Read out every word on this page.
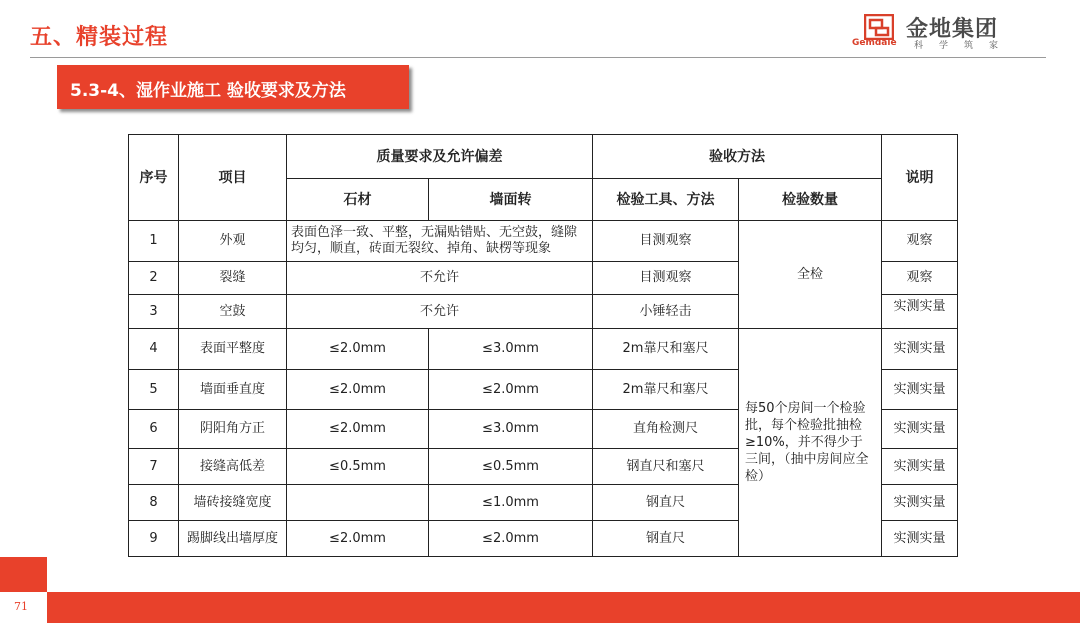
五、精装过程	金地集团
Gemdale 科学筑家
5.3-4、湿作业施工 验收要求及方法
序号	项目	质量要求及允许偏差		验收方法		说明
		石材	墙面转	检验工具、方法	检验数量	
1	外观	表面色泽一致、平整，无漏贴错贴、无空鼓，缝隙均匀，顺直，砖面无裂纹、掉角、缺楞等现象		目测观察	全检	观察
2	裂缝	不允许		目测观察		观察
3	空鼓	不允许		小锤轻击		实测实量
4	表面平整度	≤2.0mm	≤3.0mm	2m靠尺和塞尺	每50个房间一个检验批，每个检验批抽检≥10%，并不得少于三间，（抽中房间应全检）	实测实量
5	墙面垂直度	≤2.0mm	≤2.0mm	2m靠尺和塞尺		实测实量
6	阴阳角方正	≤2.0mm	≤3.0mm	直角检测尺		实测实量
7	接缝高低差	≤0.5mm	≤0.5mm	钢直尺和塞尺		实测实量
8	墙砖接缝宽度		≤1.0mm	钢直尺		实测实量
9	踢脚线出墙厚度	≤2.0mm	≤2.0mm	钢直尺		实测实量
71
